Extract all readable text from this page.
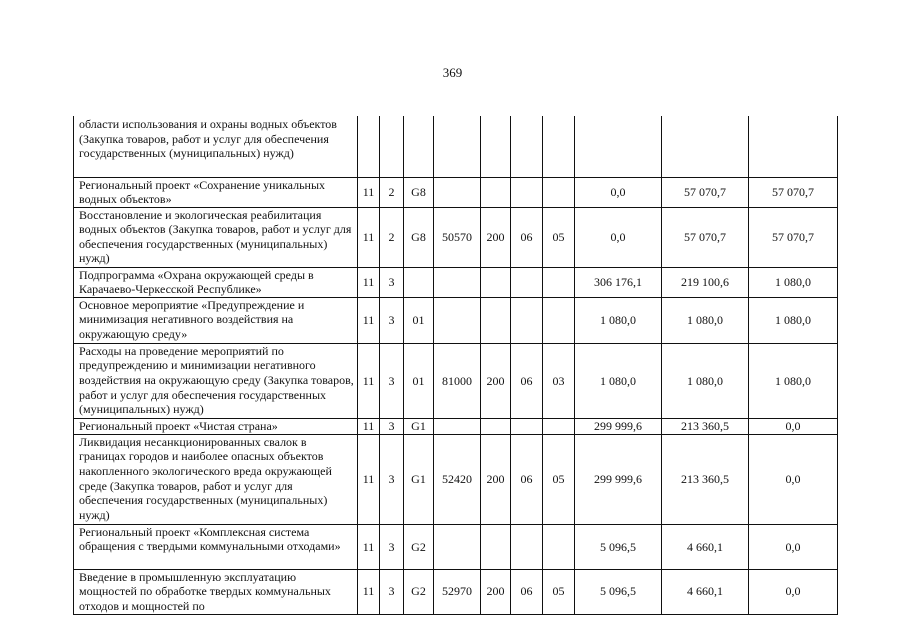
369
области использования и охраны водных объектов (Закупка товаров, работ и услуг для обеспечения государственных (муниципальных) нужд)										
Региональный проект «Сохранение уникальных водных объектов»	11	2	G8					0,0	57 070,7	57 070,7
Восстановление и экологическая реабилитация водных объектов (Закупка товаров, работ и услуг для обеспечения государственных (муниципальных) нужд)	11	2	G8	50570	200	06	05	0,0	57 070,7	57 070,7
Подпрограмма «Охрана окружающей среды в Карачаево-Черкесской Республике»	11	3						306 176,1	219 100,6	1 080,0
Основное мероприятие «Предупреждение и минимизация негативного воздействия на окружающую среду»	11	3	01					1 080,0	1 080,0	1 080,0
Расходы на проведение мероприятий по предупреждению и минимизации негативного воздействия на окружающую среду (Закупка товаров, работ и услуг для обеспечения государственных (муниципальных) нужд)	11	3	01	81000	200	06	03	1 080,0	1 080,0	1 080,0
Региональный проект «Чистая страна»	11	3	G1					299 999,6	213 360,5	0,0
Ликвидация несанкционированных свалок в границах городов и наиболее опасных объектов накопленного экологического вреда окружающей среде (Закупка товаров, работ и услуг для обеспечения государственных (муниципальных) нужд)	11	3	G1	52420	200	06	05	299 999,6	213 360,5	0,0
Региональный проект «Комплексная система обращения с твердыми коммунальными отходами»	11	3	G2					5 096,5	4 660,1	0,0
Введение в промышленную эксплуатацию мощностей по обработке твердых коммунальных отходов и мощностей по	11	3	G2	52970	200	06	05	5 096,5	4 660,1	0,0
